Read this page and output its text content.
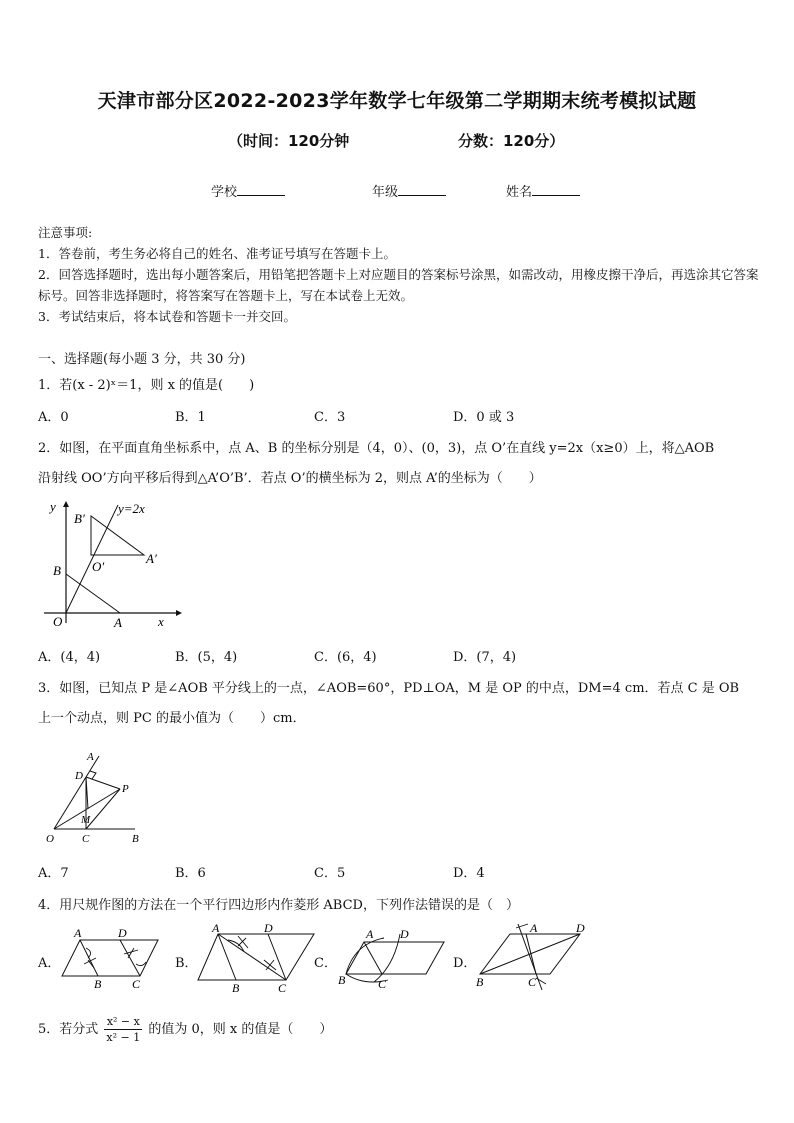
天津市部分区2022-2023学年数学七年级第二学期期末统考模拟试题
（时间：120分钟	分数：120分）
学校	年级	姓名
注意事项:
1．答卷前，考生务必将自己的姓名、准考证号填写在答题卡上。
2．回答选择题时，选出每小题答案后，用铅笔把答题卡上对应题目的答案标号涂黑，如需改动，用橡皮擦干净后，再选涂其它答案标号。回答非选择题时，将答案写在答题卡上，写在本试卷上无效。
3．考试结束后，将本试卷和答题卡一并交回。
一、选择题(每小题 3 分，共 30 分)
1．若(x - 2)ˣ＝1，则 x 的值是(　　)
A．0	B．1	C．3	D．0 或 3
2．如图，在平面直角坐标系中，点 A、B 的坐标分别是（4，0）、(0，3)，点 O’在直线 y=2x（x≥0）上，将△AOB
沿射线 OO’方向平移后得到△A’O’B’．若点 O’的横坐标为 2，则点 A’的坐标为（　　）
y
B′
y=2x
O′
A′
B
O	A	x
A．(4，4)	B．(5，4)	C．(6，4)	D．(7，4)
3．如图，已知点 P 是∠AOB 平分线上的一点，∠AOB=60°，PD⊥OA，M 是 OP 的中点，DM=4 cm．若点 C 是 OB
上一个动点，则 PC 的最小值为（　　）cm．
A
D
P
M
O	C	B
A．7	B．6	C．5	D．4
4．用尺规作图的方法在一个平行四边形内作菱形 ABCD，下列作法错误的是（　）
A．
A	D
B	C
B．
A	D
B	C
C．
A D
B	C
D．
A	D
B	C
5．若分式 $\frac{\text{x² − x}}{\text{x² − 1}}$ 的值为 0，则 x 的值是（　　）
